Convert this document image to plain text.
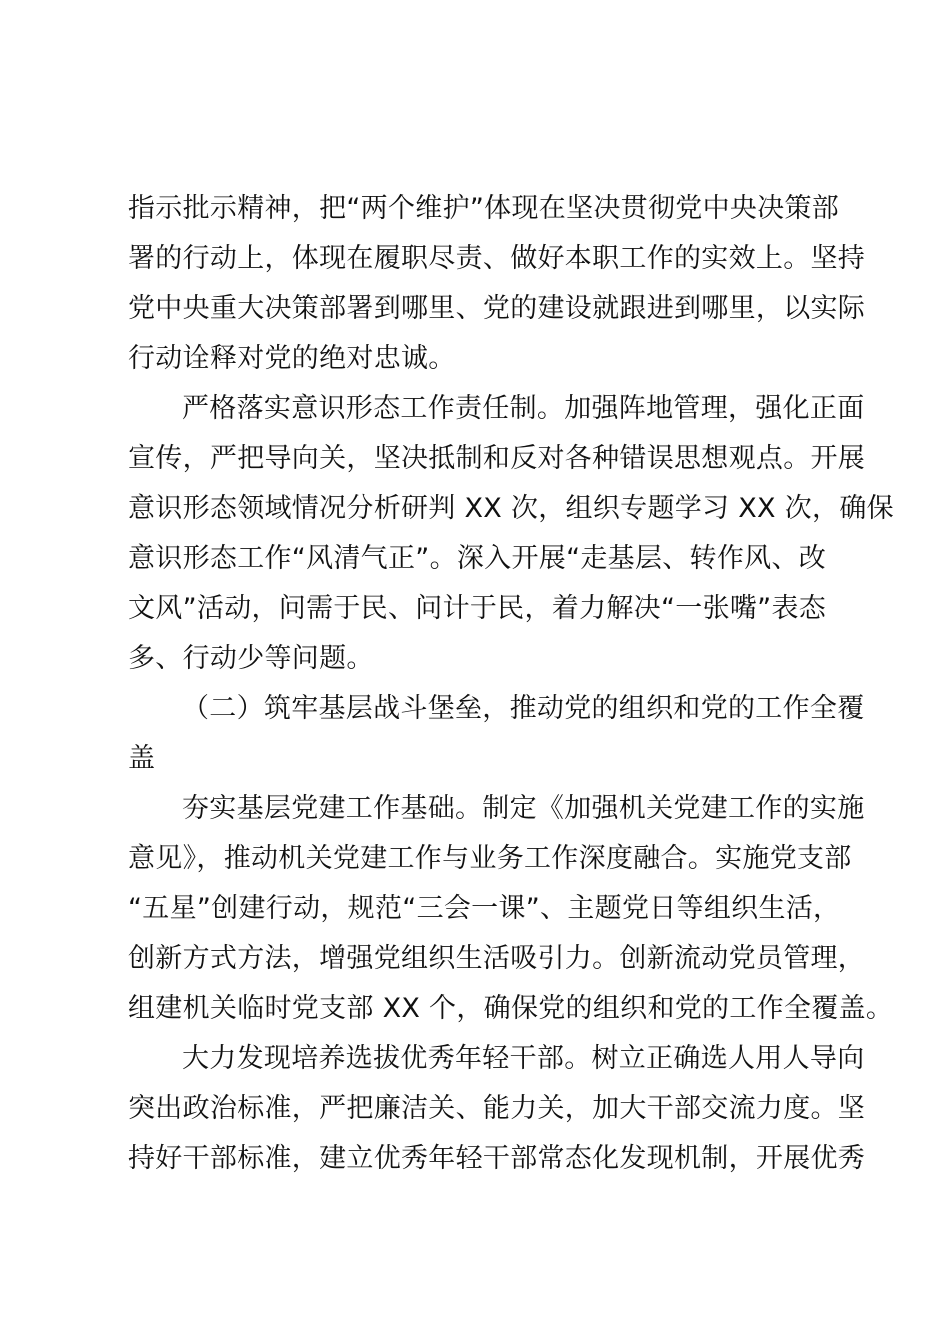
指示批示精神，把“两个维护”体现在坚决贯彻党中央决策部
署的行动上，体现在履职尽责、做好本职工作的实效上。坚持
党中央重大决策部署到哪里、党的建设就跟进到哪里，以实际
行动诠释对党的绝对忠诚。
严格落实意识形态工作责任制。加强阵地管理，强化正面
宣传，严把导向关，坚决抵制和反对各种错误思想观点。开展
意识形态领域情况分析研判 XX 次，组织专题学习 XX 次，确保
意识形态工作“风清气正”。深入开展“走基层、转作风、改
文风”活动，问需于民、问计于民，着力解决“一张嘴”表态
多、行动少等问题。
（二）筑牢基层战斗堡垒，推动党的组织和党的工作全覆
盖
夯实基层党建工作基础。制定《加强机关党建工作的实施
意见》，推动机关党建工作与业务工作深度融合。实施党支部
“五星”创建行动，规范“三会一课”、主题党日等组织生活，
创新方式方法，增强党组织生活吸引力。创新流动党员管理，
组建机关临时党支部 XX 个，确保党的组织和党的工作全覆盖。
大力发现培养选拔优秀年轻干部。树立正确选人用人导向
突出政治标准，严把廉洁关、能力关，加大干部交流力度。坚
持好干部标准，建立优秀年轻干部常态化发现机制，开展优秀
